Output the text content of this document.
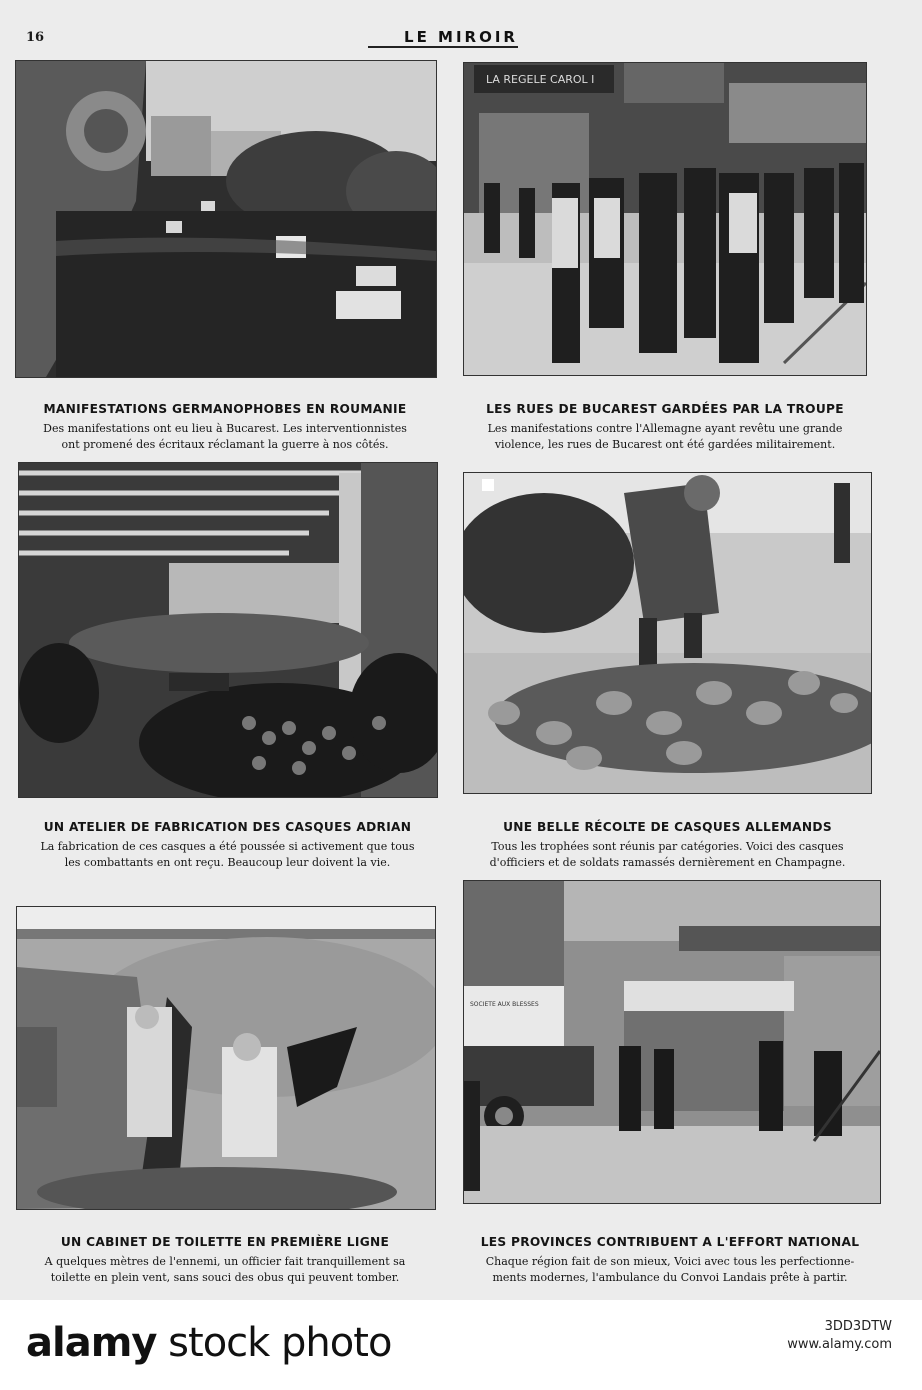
16	LE MIROIR
LA REGELE CAROL I
MANIFESTATIONS GERMANOPHOBES EN ROUMANIE
Des manifestations ont eu lieu à Bucarest. Les interventionnistes
ont promené des écritaux réclamant la guerre à nos côtés.
LES RUES DE BUCAREST GARDÉES PAR LA TROUPE
Les manifestations contre l'Allemagne ayant revêtu une grande
violence, les rues de Bucarest ont été gardées militairement.
UN ATELIER DE FABRICATION DES CASQUES ADRIAN
La fabrication de ces casques a été poussée si activement que tous
les combattants en ont reçu. Beaucoup leur doivent la vie.
UNE BELLE RÉCOLTE DE CASQUES ALLEMANDS
Tous les trophées sont réunis par catégories. Voici des casques
d'officiers et de soldats ramassés dernièrement en Champagne.
SOCIETE AUX BLESSES
UN CABINET DE TOILETTE EN PREMIÈRE LIGNE
A quelques mètres de l'ennemi, un officier fait tranquillement sa
toilette en plein vent, sans souci des obus qui peuvent tomber.
LES PROVINCES CONTRIBUENT A L'EFFORT NATIONAL
Chaque région fait de son mieux, Voici avec tous les perfectionne-
ments modernes, l'ambulance du Convoi Landais prête à partir.
alamy stock photo	3DD3DTW
www.alamy.com
